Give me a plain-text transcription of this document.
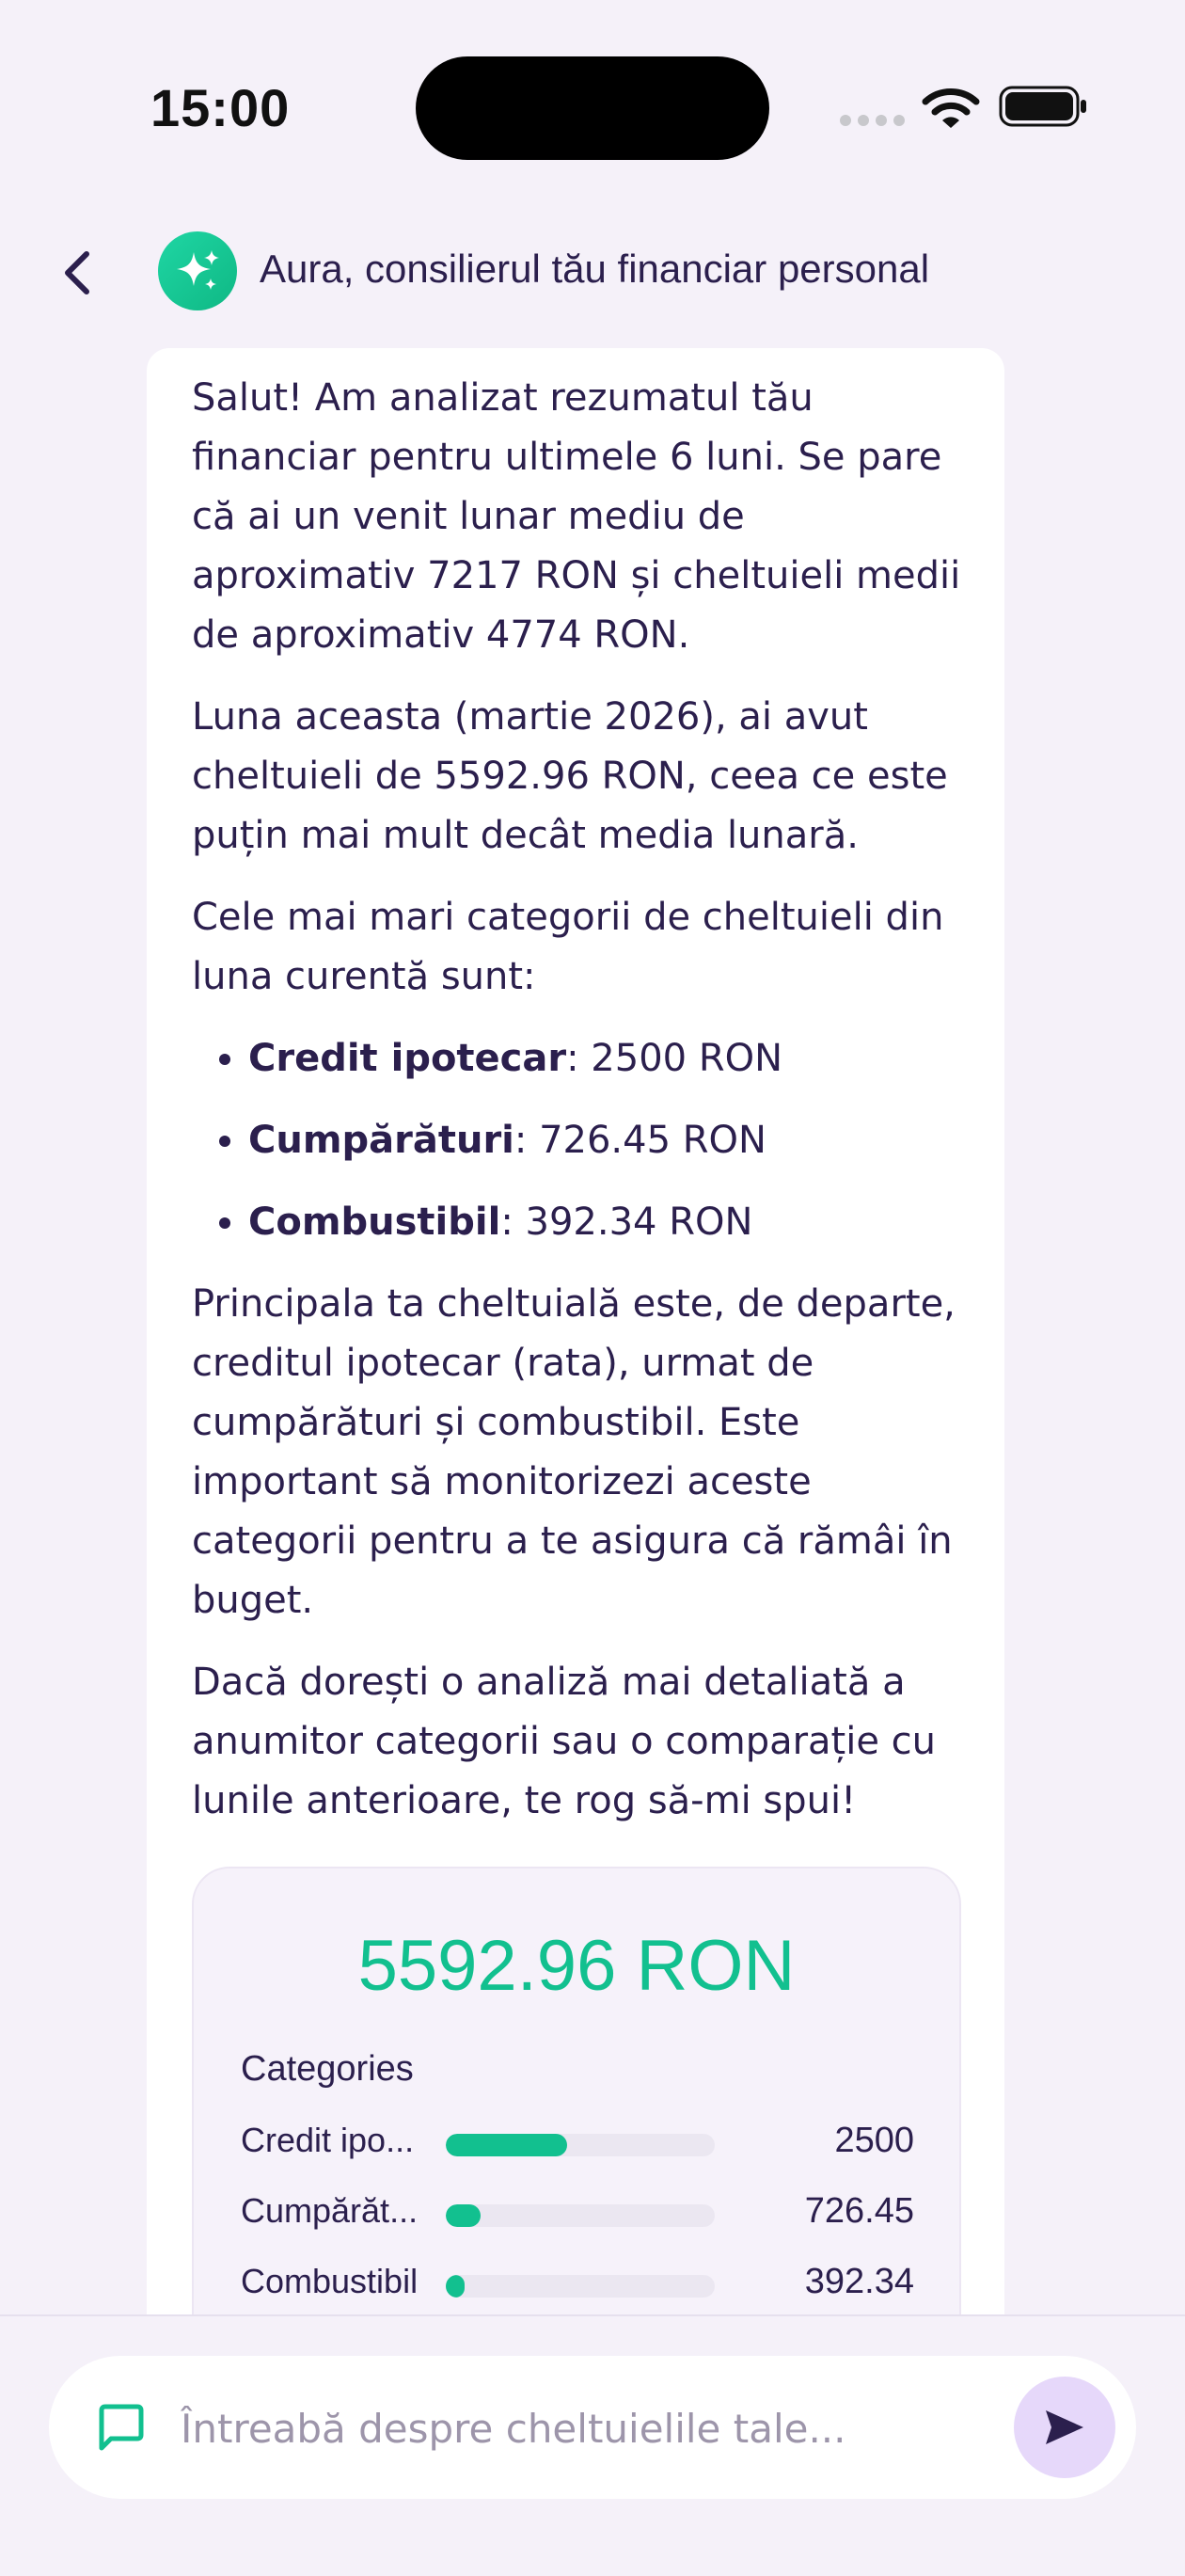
15:00
Aura, consilierul tău financiar personal

Salut! Am analizat rezumatul tău financiar pentru ultimele 6 luni. Se pare că ai un venit lunar mediu de aproximativ 7217 RON și cheltuieli medii de aproximativ 4774 RON.

Luna aceasta (martie 2026), ai avut cheltuieli de 5592.96 RON, ceea ce este puțin mai mult decât media lunară.

Cele mai mari categorii de cheltuieli din luna curentă sunt:

• Credit ipotecar: 2500 RON
• Cumpărături: 726.45 RON
• Combustibil: 392.34 RON

Principala ta cheltuială este, de departe, creditul ipotecar (rata), urmat de cumpărături și combustibil. Este important să monitorizezi aceste categorii pentru a te asigura că rămâi în buget.

Dacă dorești o analiză mai detaliată a anumitor categorii sau o comparație cu lunile anterioare, te rog să-mi spui!

5592.96 RON
Categories
Credit ipo...	2500
Cumpărăt...	726.45
Combustibil	392.34
Întreabă despre cheltuielile tale...
